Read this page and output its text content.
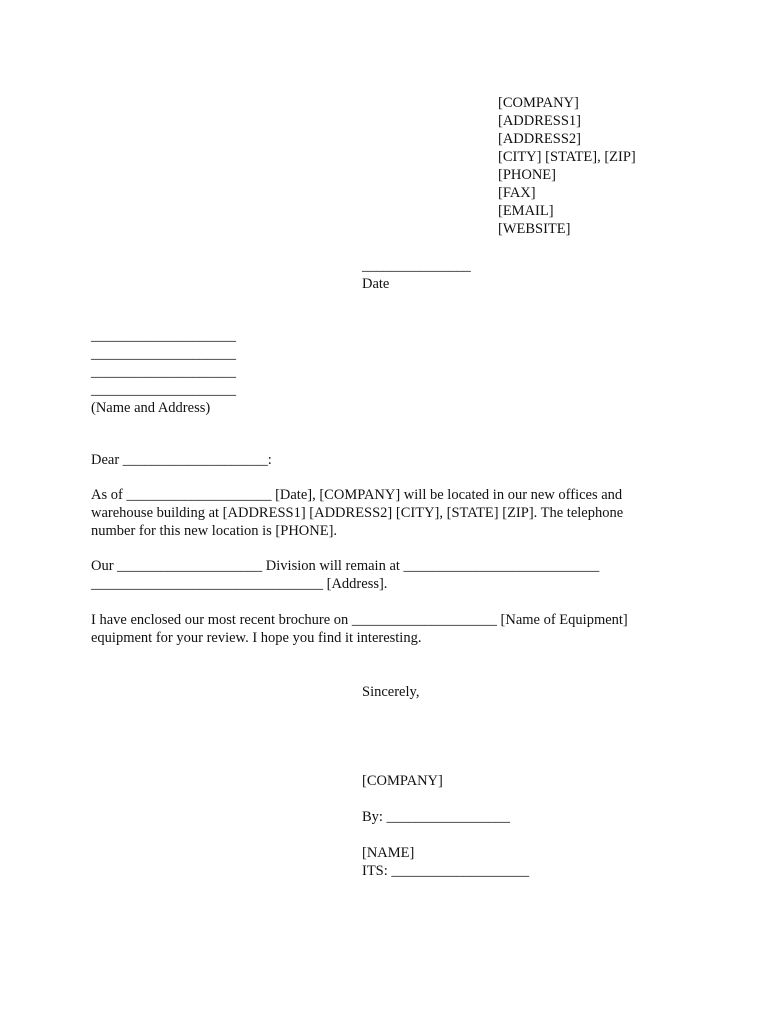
[COMPANY]
[ADDRESS1]
[ADDRESS2]
[CITY] [STATE], [ZIP]
[PHONE]
[FAX]
[EMAIL]
[WEBSITE]
_______________
Date
____________________
____________________
____________________
____________________
(Name and Address)
Dear ____________________:
As of ____________________ [Date], [COMPANY] will be located in our new offices and warehouse building at [ADDRESS1] [ADDRESS2] [CITY], [STATE] [ZIP]. The telephone number for this new location is [PHONE].
Our ____________________ Division will remain at ___________________________
________________________________ [Address].
I have enclosed our most recent brochure on ____________________ [Name of Equipment] equipment for your review. I hope you find it interesting.
Sincerely,
[COMPANY]
By: _________________
[NAME]
ITS: ___________________
